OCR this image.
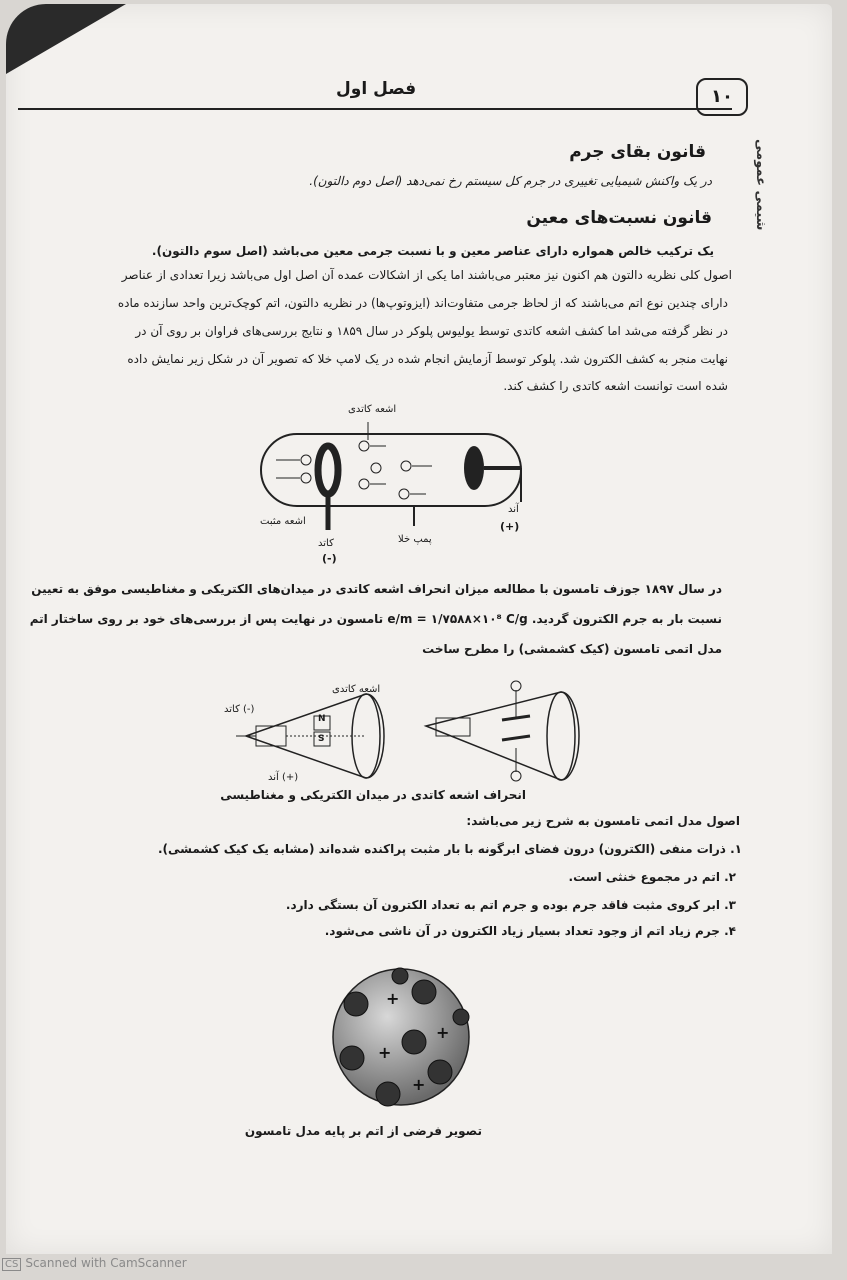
فصل اول	۱۰
شیمی عمومی
قانون بقای جرم
در یک واکنش شیمیایی تغییری در جرم کل سیستم رخ نمی‌دهد (اصل دوم دالتون).
قانون نسبت‌های معین
یک ترکیب خالص همواره دارای عناصر معین و با نسبت جرمی معین می‌باشد (اصل سوم دالتون).
اصول کلی نظریه دالتون هم اکنون نیز معتبر می‌باشند اما یکی از اشکالات عمده آن اصل اول می‌باشد زیرا تعدادی از عناصر
دارای چندین نوع اتم می‌باشند که از لحاظ جرمی متفاوت‌اند (ایزوتوپ‌ها) در نظریه دالتون، اتم کوچک‌ترین واحد سازنده ماده
در نظر گرفته می‌شد اما کشف اشعه کاتدی توسط یولیوس پلوکر در سال ۱۸۵۹ و نتایج بررسی‌های فراوان بر روی آن در
نهایت منجر به کشف الکترون شد. پلوکر توسط آزمایش انجام شده در یک لامپ خلا که تصویر آن در شکل زیر نمایش داده
شده است توانست اشعه کاتدی را کشف کند.
اشعه کاتدی
اشعه مثبت
کاتد
(-)
پمپ خلا
آند
(+)
در سال ۱۸۹۷ جوزف تامسون با مطالعه میزان انحراف اشعه کاتدی در میدان‌های الکتریکی و مغناطیسی موفق به تعیین
نسبت بار به جرم الکترون گردید. e/m = ۱/۷۵۸۸×۱۰⁸ C/g تامسون در نهایت پس از بررسی‌های خود بر روی ساختار اتم
مدل اتمی تامسون (کیک کشمشی) را مطرح ساخت
اشعه کاتدی
کاتد (-)
آند (+)
N
S
انحراف اشعه کاتدی در میدان الکتریکی و مغناطیسی
اصول مدل اتمی تامسون به شرح زیر می‌باشد:
۱. ذرات منفی (الکترون) درون فضای ابرگونه با بار مثبت پراکنده شده‌اند (مشابه یک کیک کشمشی).
۲. اتم در مجموع خنثی است.
۳. ابر کروی مثبت فاقد جرم بوده و جرم اتم به تعداد الکترون آن بستگی دارد.
۴. جرم زیاد اتم از وجود تعداد بسیار زیاد الکترون در آن ناشی می‌شود.
+
+
+
+
تصویر فرضی از اتم بر پایه مدل تامسون
CS Scanned with CamScanner
